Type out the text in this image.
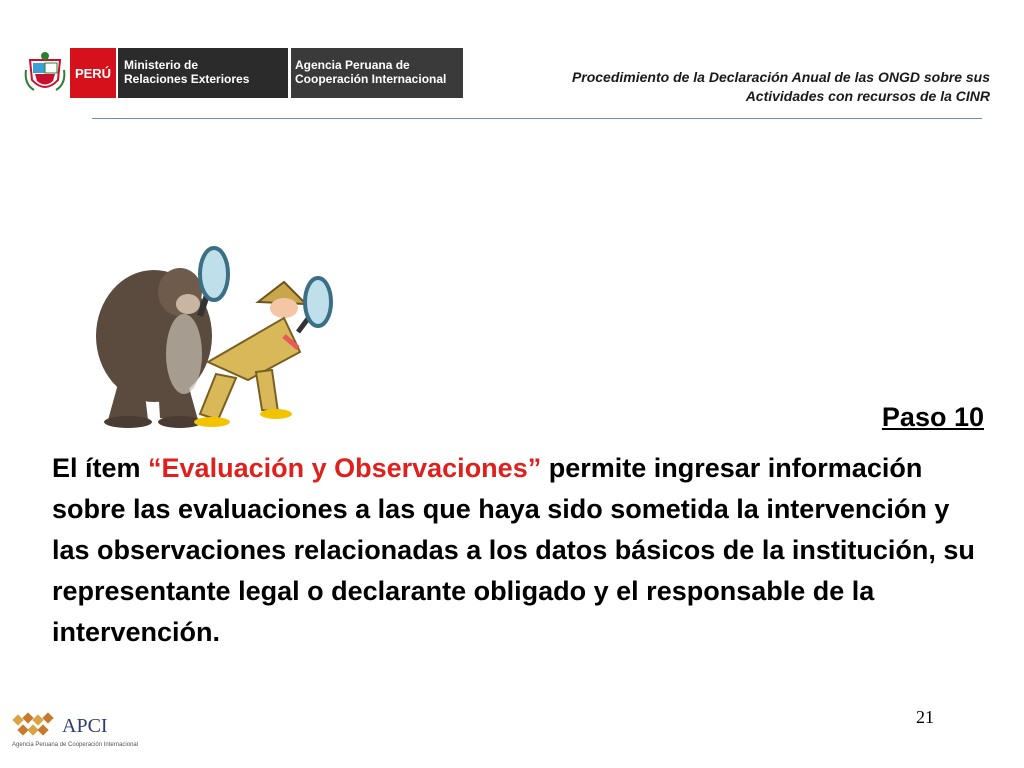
PERÚ
Ministerio de
Relaciones Exteriores
Agencia Peruana de
Cooperación Internacional	Procedimiento de la Declaración Anual de las ONGD sobre sus
Actividades con recursos de la CINR
Paso 10
El ítem “Evaluación y Observaciones” permite ingresar información sobre las evaluaciones a las que haya sido sometida la intervención y las observaciones relacionadas a los datos básicos de la institución, su representante legal o declarante obligado y el responsable de la intervención.
21
APCI
Agencia Peruana de Cooperación Internacional
